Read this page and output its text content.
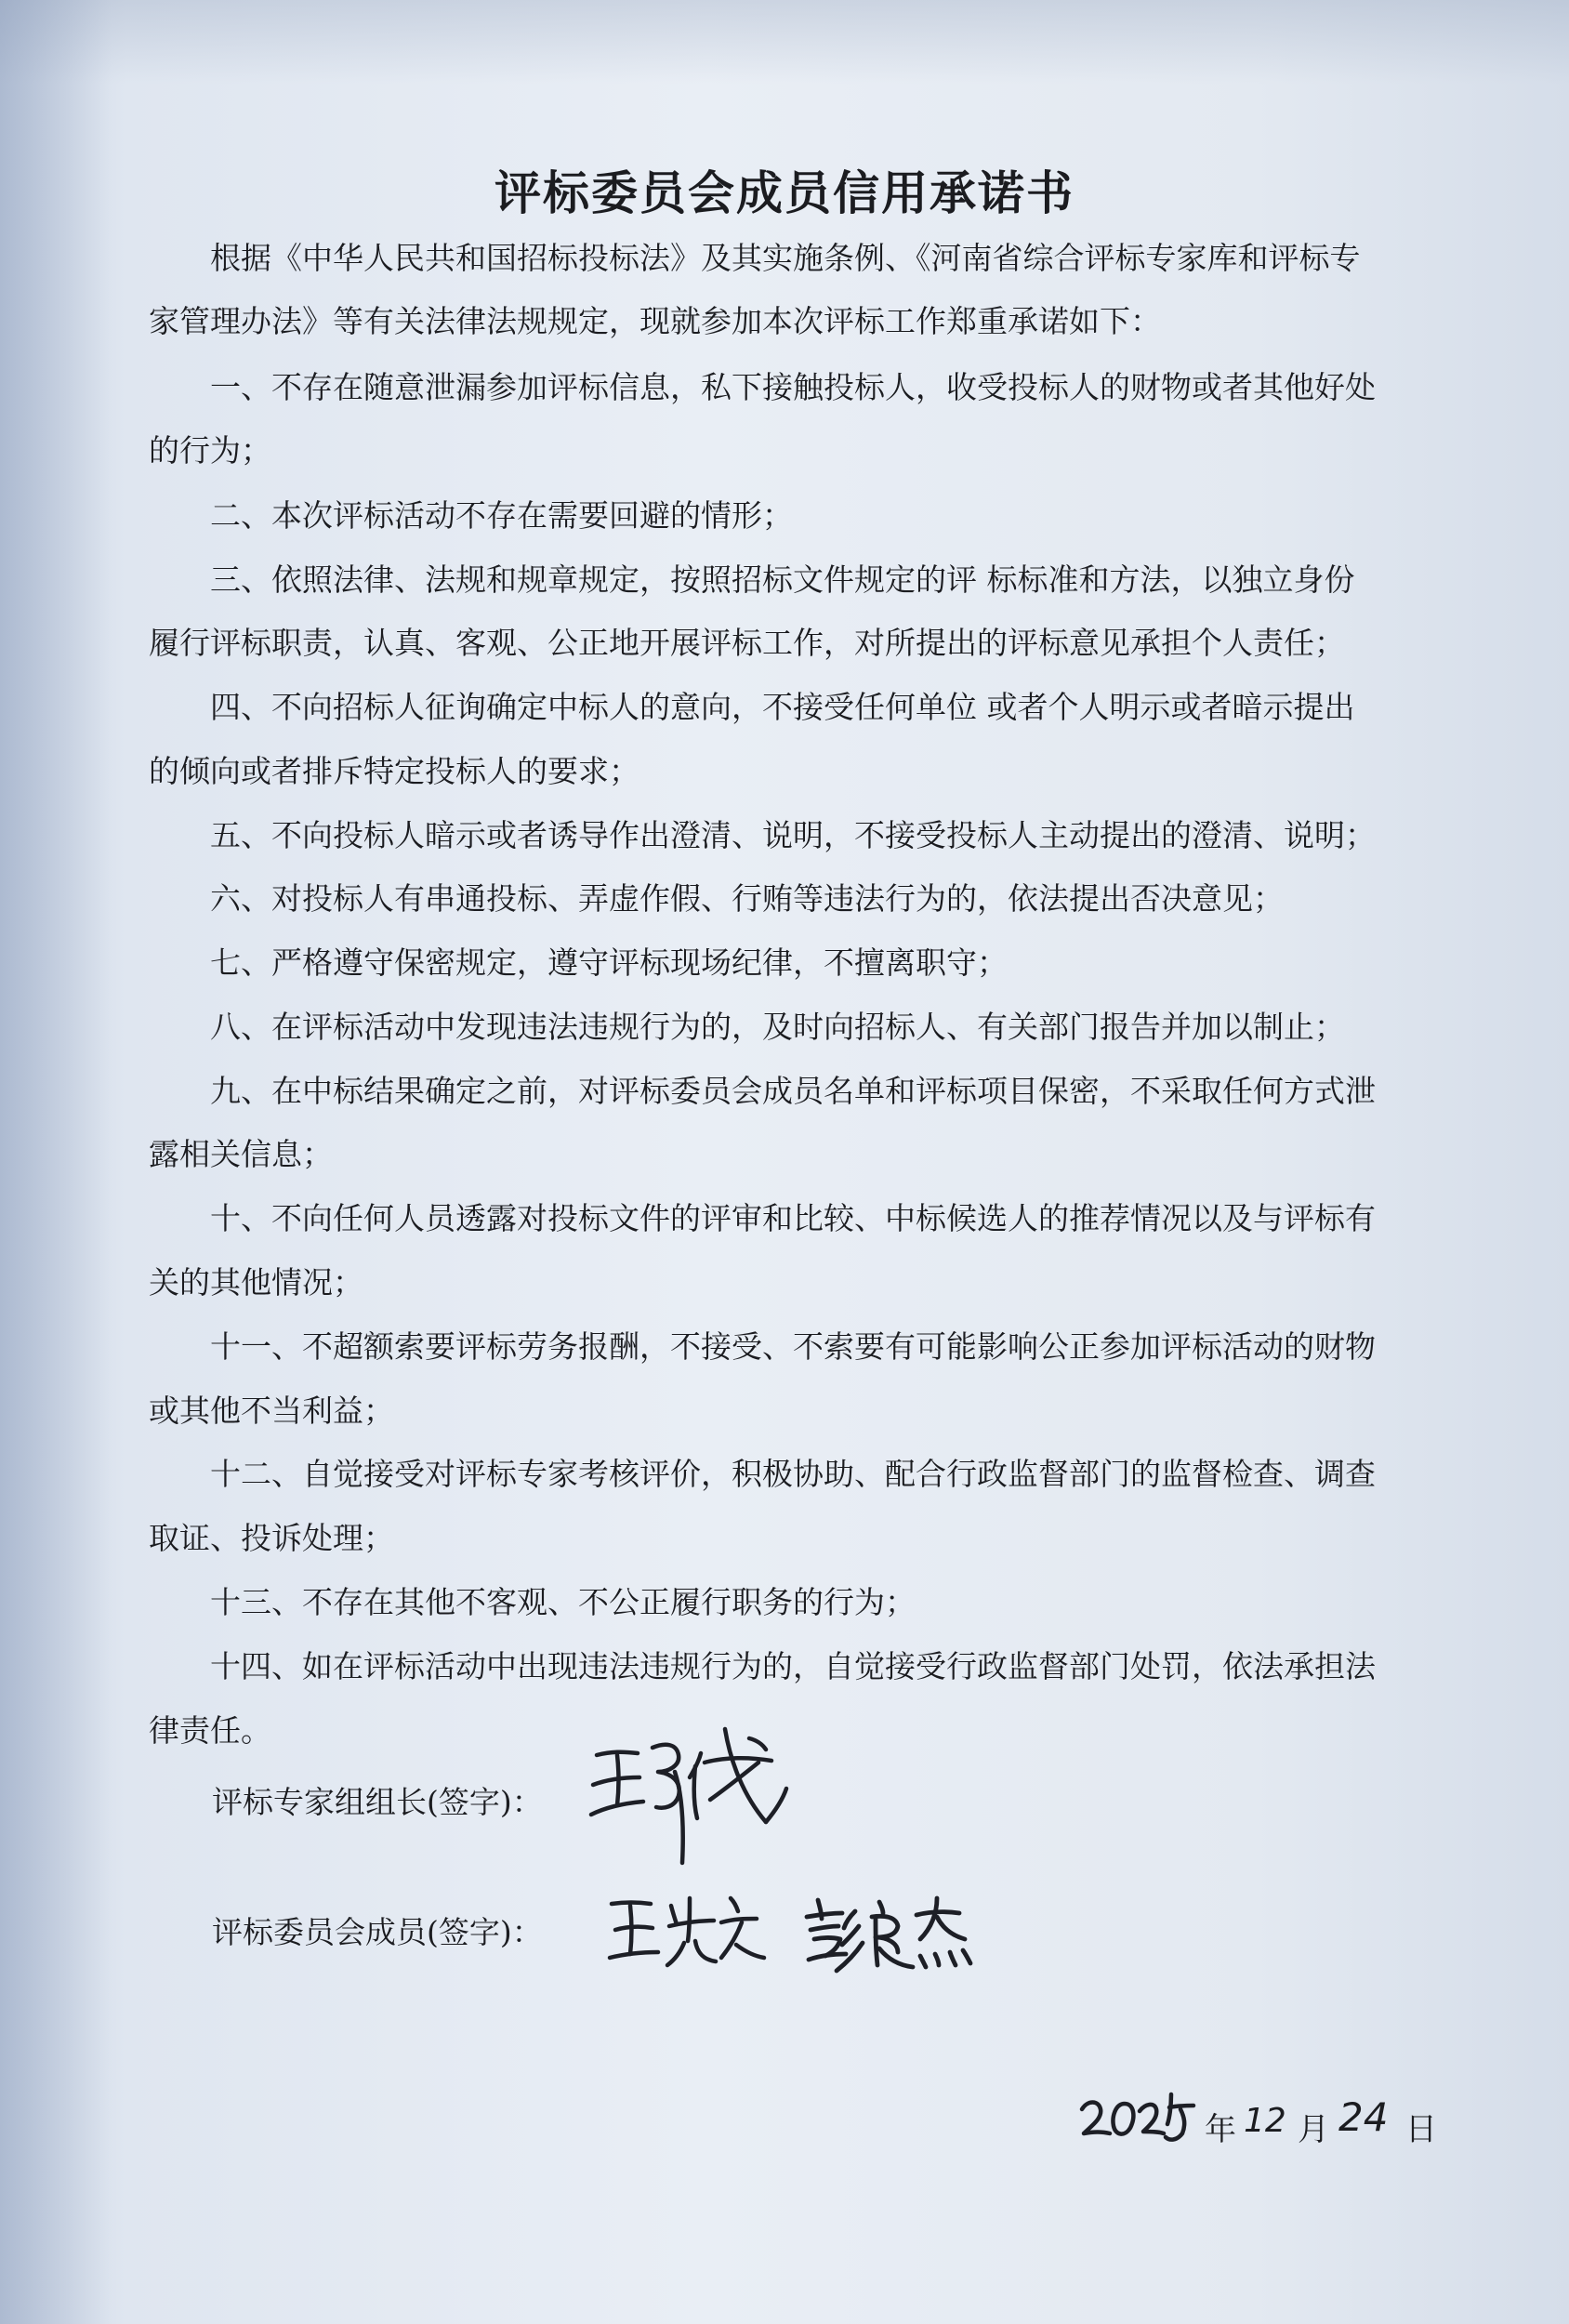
评标委员会成员信用承诺书

　　根据《中华人民共和国招标投标法》及其实施条例、《河南省综合评标专家库和评标专

家管理办法》等有关法律法规规定，现就参加本次评标工作郑重承诺如下：

　　一、不存在随意泄漏参加评标信息，私下接触投标人，收受投标人的财物或者其他好处

的行为；

　　二、本次评标活动不存在需要回避的情形；

　　三、依照法律、法规和规章规定，按照招标文件规定的评 标标准和方法，以独立身份

履行评标职责，认真、客观、公正地开展评标工作，对所提出的评标意见承担个人责任；

　　四、不向招标人征询确定中标人的意向，不接受任何单位 或者个人明示或者暗示提出

的倾向或者排斥特定投标人的要求；

　　五、不向投标人暗示或者诱导作出澄清、说明，不接受投标人主动提出的澄清、说明；

　　六、对投标人有串通投标、弄虚作假、行贿等违法行为的，依法提出否决意见；

　　七、严格遵守保密规定，遵守评标现场纪律，不擅离职守；

　　八、在评标活动中发现违法违规行为的，及时向招标人、有关部门报告并加以制止；

　　九、在中标结果确定之前，对评标委员会成员名单和评标项目保密，不采取任何方式泄

露相关信息；

　　十、不向任何人员透露对投标文件的评审和比较、中标候选人的推荐情况以及与评标有

关的其他情况；

　　十一、不超额索要评标劳务报酬，不接受、不索要有可能影响公正参加评标活动的财物

或其他不当利益；

　　十二、自觉接受对评标专家考核评价，积极协助、配合行政监督部门的监督检查、调查

取证、投诉处理；

　　十三、不存在其他不客观、不公正履行职务的行为；

　　十四、如在评标活动中出现违法违规行为的，自觉接受行政监督部门处罚，依法承担法

律责任。

评标专家组组长(签字)：

评标委员会成员(签字)：

年 12 月 24 日
